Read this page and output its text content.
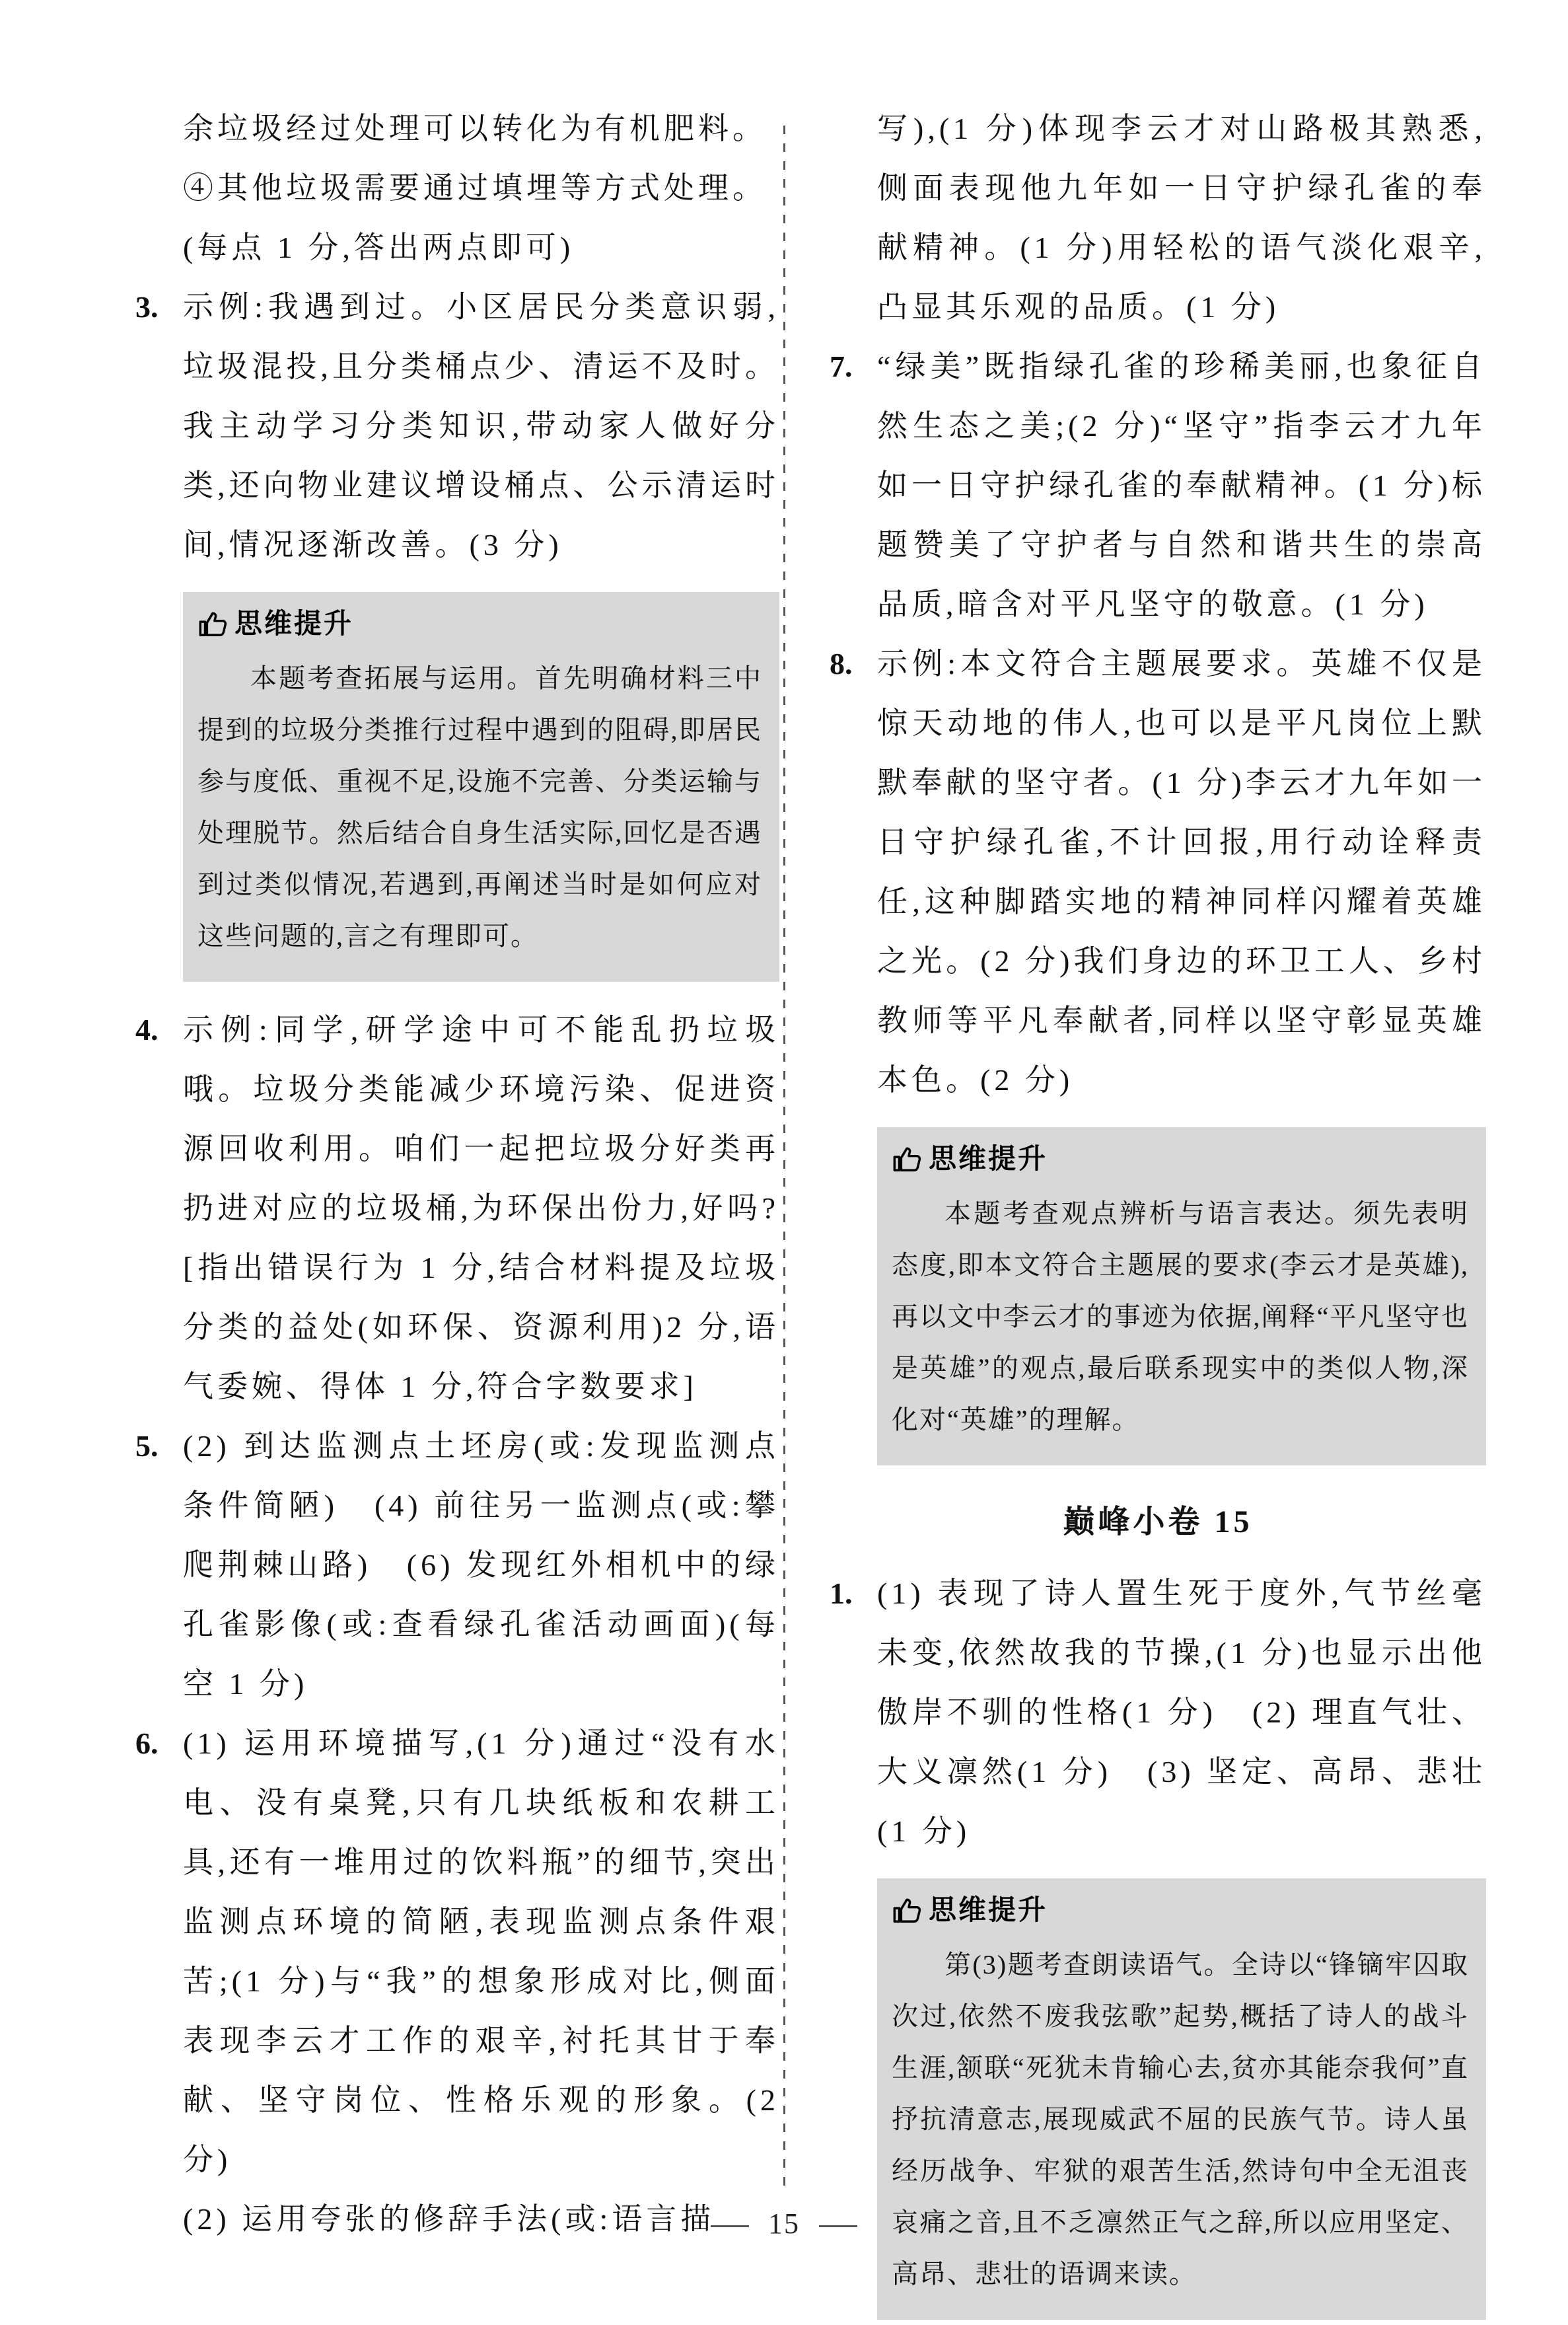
余垃圾经过处理可以转化为有机肥料。

④其他垃圾需要通过填埋等方式处理。

(每点 1 分,答出两点即可)

3. 示例:我遇到过。小区居民分类意识弱,垃圾混投,且分类桶点少、清运不及时。我主动学习分类知识,带动家人做好分类,还向物业建议增设桶点、公示清运时间,情况逐渐改善。(3 分)

思维提升

本题考查拓展与运用。首先明确材料三中提到的垃圾分类推行过程中遇到的阻碍,即居民参与度低、重视不足,设施不完善、分类运输与处理脱节。然后结合自身生活实际,回忆是否遇到过类似情况,若遇到,再阐述当时是如何应对这些问题的,言之有理即可。

4. 示例:同学,研学途中可不能乱扔垃圾哦。垃圾分类能减少环境污染、促进资源回收利用。咱们一起把垃圾分好类再扔进对应的垃圾桶,为环保出份力,好吗?[指出错误行为 1 分,结合材料提及垃圾分类的益处(如环保、资源利用)2 分,语气委婉、得体 1 分,符合字数要求]

5. (2) 到达监测点土坯房(或:发现监测点条件简陋)　(4) 前往另一监测点(或:攀爬荆棘山路)　(6) 发现红外相机中的绿孔雀影像(或:查看绿孔雀活动画面)(每空 1 分)

6. (1) 运用环境描写,(1 分)通过“没有水电、没有桌凳,只有几块纸板和农耕工具,还有一堆用过的饮料瓶”的细节,突出监测点环境的简陋,表现监测点条件艰苦;(1 分)与“我”的想象形成对比,侧面表现李云才工作的艰辛,衬托其甘于奉献、坚守岗位、性格乐观的形象。(2 分)

(2) 运用夸张的修辞手法(或:语言描

写),(1 分)体现李云才对山路极其熟悉,侧面表现他九年如一日守护绿孔雀的奉献精神。(1 分)用轻松的语气淡化艰辛,凸显其乐观的品质。(1 分)

7. “绿美”既指绿孔雀的珍稀美丽,也象征自然生态之美;(2 分)“坚守”指李云才九年如一日守护绿孔雀的奉献精神。(1 分)标题赞美了守护者与自然和谐共生的崇高品质,暗含对平凡坚守的敬意。(1 分)

8. 示例:本文符合主题展要求。英雄不仅是惊天动地的伟人,也可以是平凡岗位上默默奉献的坚守者。(1 分)李云才九年如一日守护绿孔雀,不计回报,用行动诠释责任,这种脚踏实地的精神同样闪耀着英雄之光。(2 分)我们身边的环卫工人、乡村教师等平凡奉献者,同样以坚守彰显英雄本色。(2 分)

思维提升

本题考查观点辨析与语言表达。须先表明态度,即本文符合主题展的要求(李云才是英雄),再以文中李云才的事迹为依据,阐释“平凡坚守也是英雄”的观点,最后联系现实中的类似人物,深化对“英雄”的理解。

巅峰小卷 15
1. (1) 表现了诗人置生死于度外,气节丝毫未变,依然故我的节操,(1 分)也显示出他傲岸不驯的性格(1 分)　(2) 理直气壮、大义凛然(1 分)　(3) 坚定、高昂、悲壮(1 分)

思维提升

第(3)题考查朗读语气。全诗以“锋镝牢囚取次过,依然不废我弦歌”起势,概括了诗人的战斗生涯,颔联“死犹未肯输心去,贫亦其能奈我何”直抒抗清意志,展现威武不屈的民族气节。诗人虽经历战争、牢狱的艰苦生活,然诗句中全无沮丧哀痛之音,且不乏凛然正气之辞,所以应用坚定、高昂、悲壮的语调来读。

— 15 —
